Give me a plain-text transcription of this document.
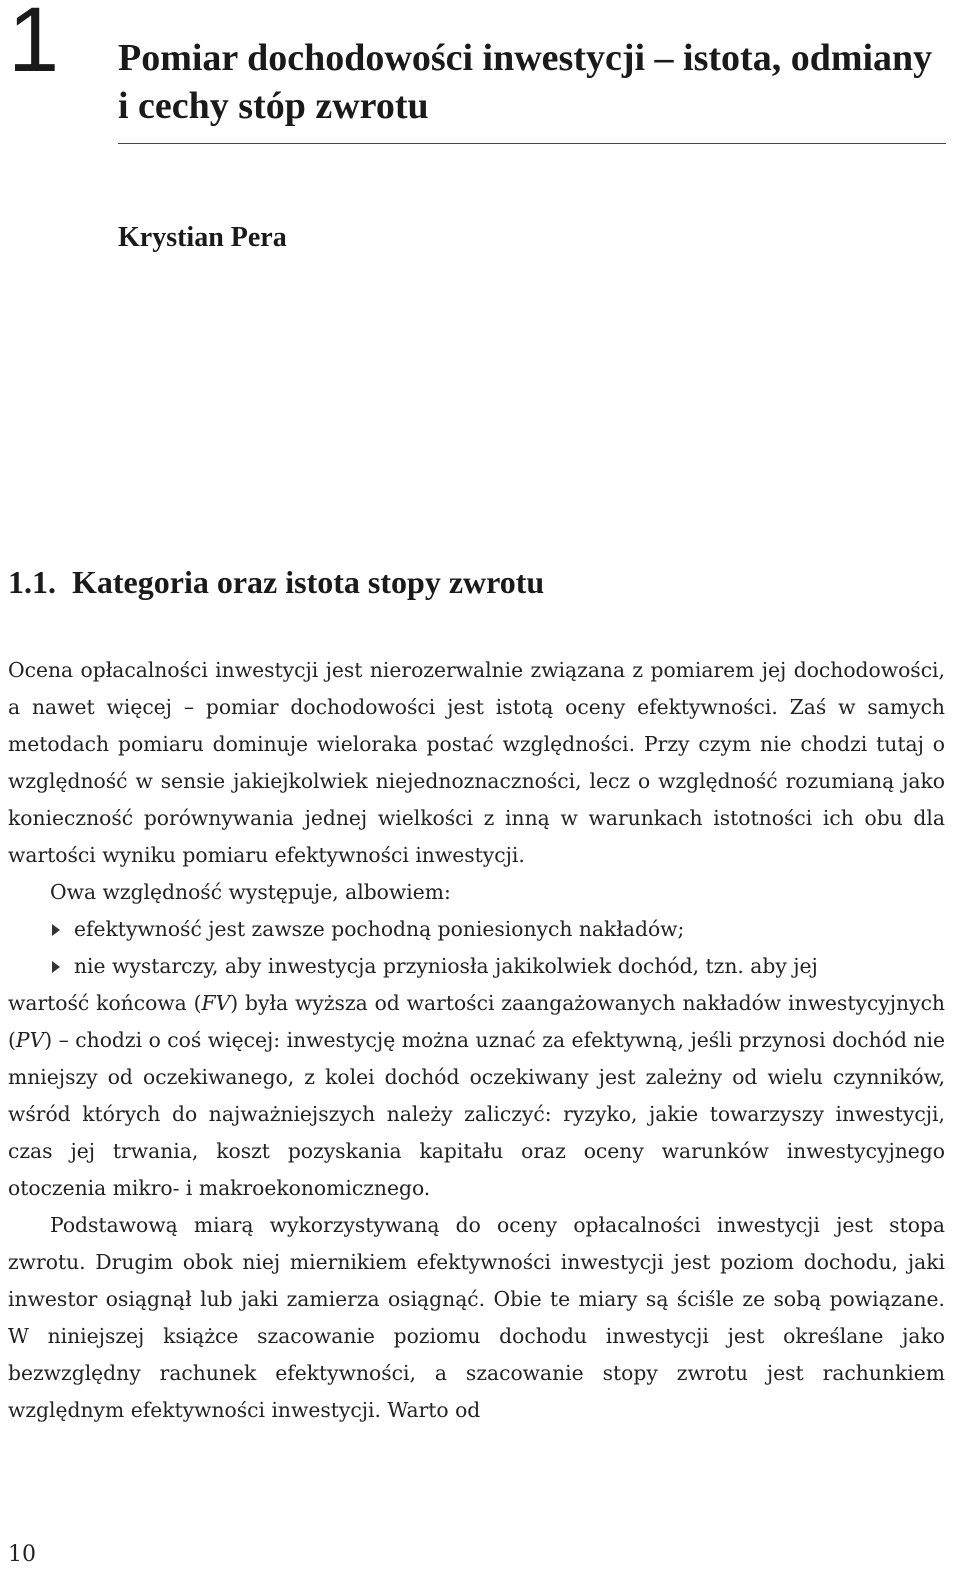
1 Pomiar dochodowości inwestycji – istota, odmiany i cechy stóp zwrotu
Krystian Pera
1.1. Kategoria oraz istota stopy zwrotu

Ocena opłacalności inwestycji jest nierozerwalnie związana z pomiarem jej dochodowości, a nawet więcej – pomiar dochodowości jest istotą oceny efektywności. Zaś w samych metodach pomiaru dominuje wieloraka postać względności. Przy czym nie chodzi tutaj o względność w sensie jakiejkolwiek niejednoznaczności, lecz o względność rozumianą jako konieczność porównywania jednej wielkości z inną w warunkach istotności ich obu dla wartości wyniku pomiaru efektywności inwestycji.

Owa względność występuje, albowiem:

efektywność jest zawsze pochodną poniesionych nakładów;
nie wystarczy, aby inwestycja przyniosła jakikolwiek dochód, tzn. aby jej

wartość końcowa (FV) była wyższa od wartości zaangażowanych nakładów inwestycyjnych (PV) – chodzi o coś więcej: inwestycję można uznać za efektywną, jeśli przynosi dochód nie mniejszy od oczekiwanego, z kolei dochód oczekiwany jest zależny od wielu czynników, wśród których do najważniejszych należy zaliczyć: ryzyko, jakie towarzyszy inwestycji, czas jej trwania, koszt pozyskania kapitału oraz oceny warunków inwestycyjnego otoczenia mikro- i makroekonomicznego.

Podstawową miarą wykorzystywaną do oceny opłacalności inwestycji jest stopa zwrotu. Drugim obok niej miernikiem efektywności inwestycji jest poziom dochodu, jaki inwestor osiągnął lub jaki zamierza osiągnąć. Obie te miary są ściśle ze sobą powiązane. W niniejszej książce szacowanie poziomu dochodu inwestycji jest określane jako bezwzględny rachunek efektywności, a szacowanie stopy zwrotu jest rachunkiem względnym efektywności inwestycji. Warto od

10
